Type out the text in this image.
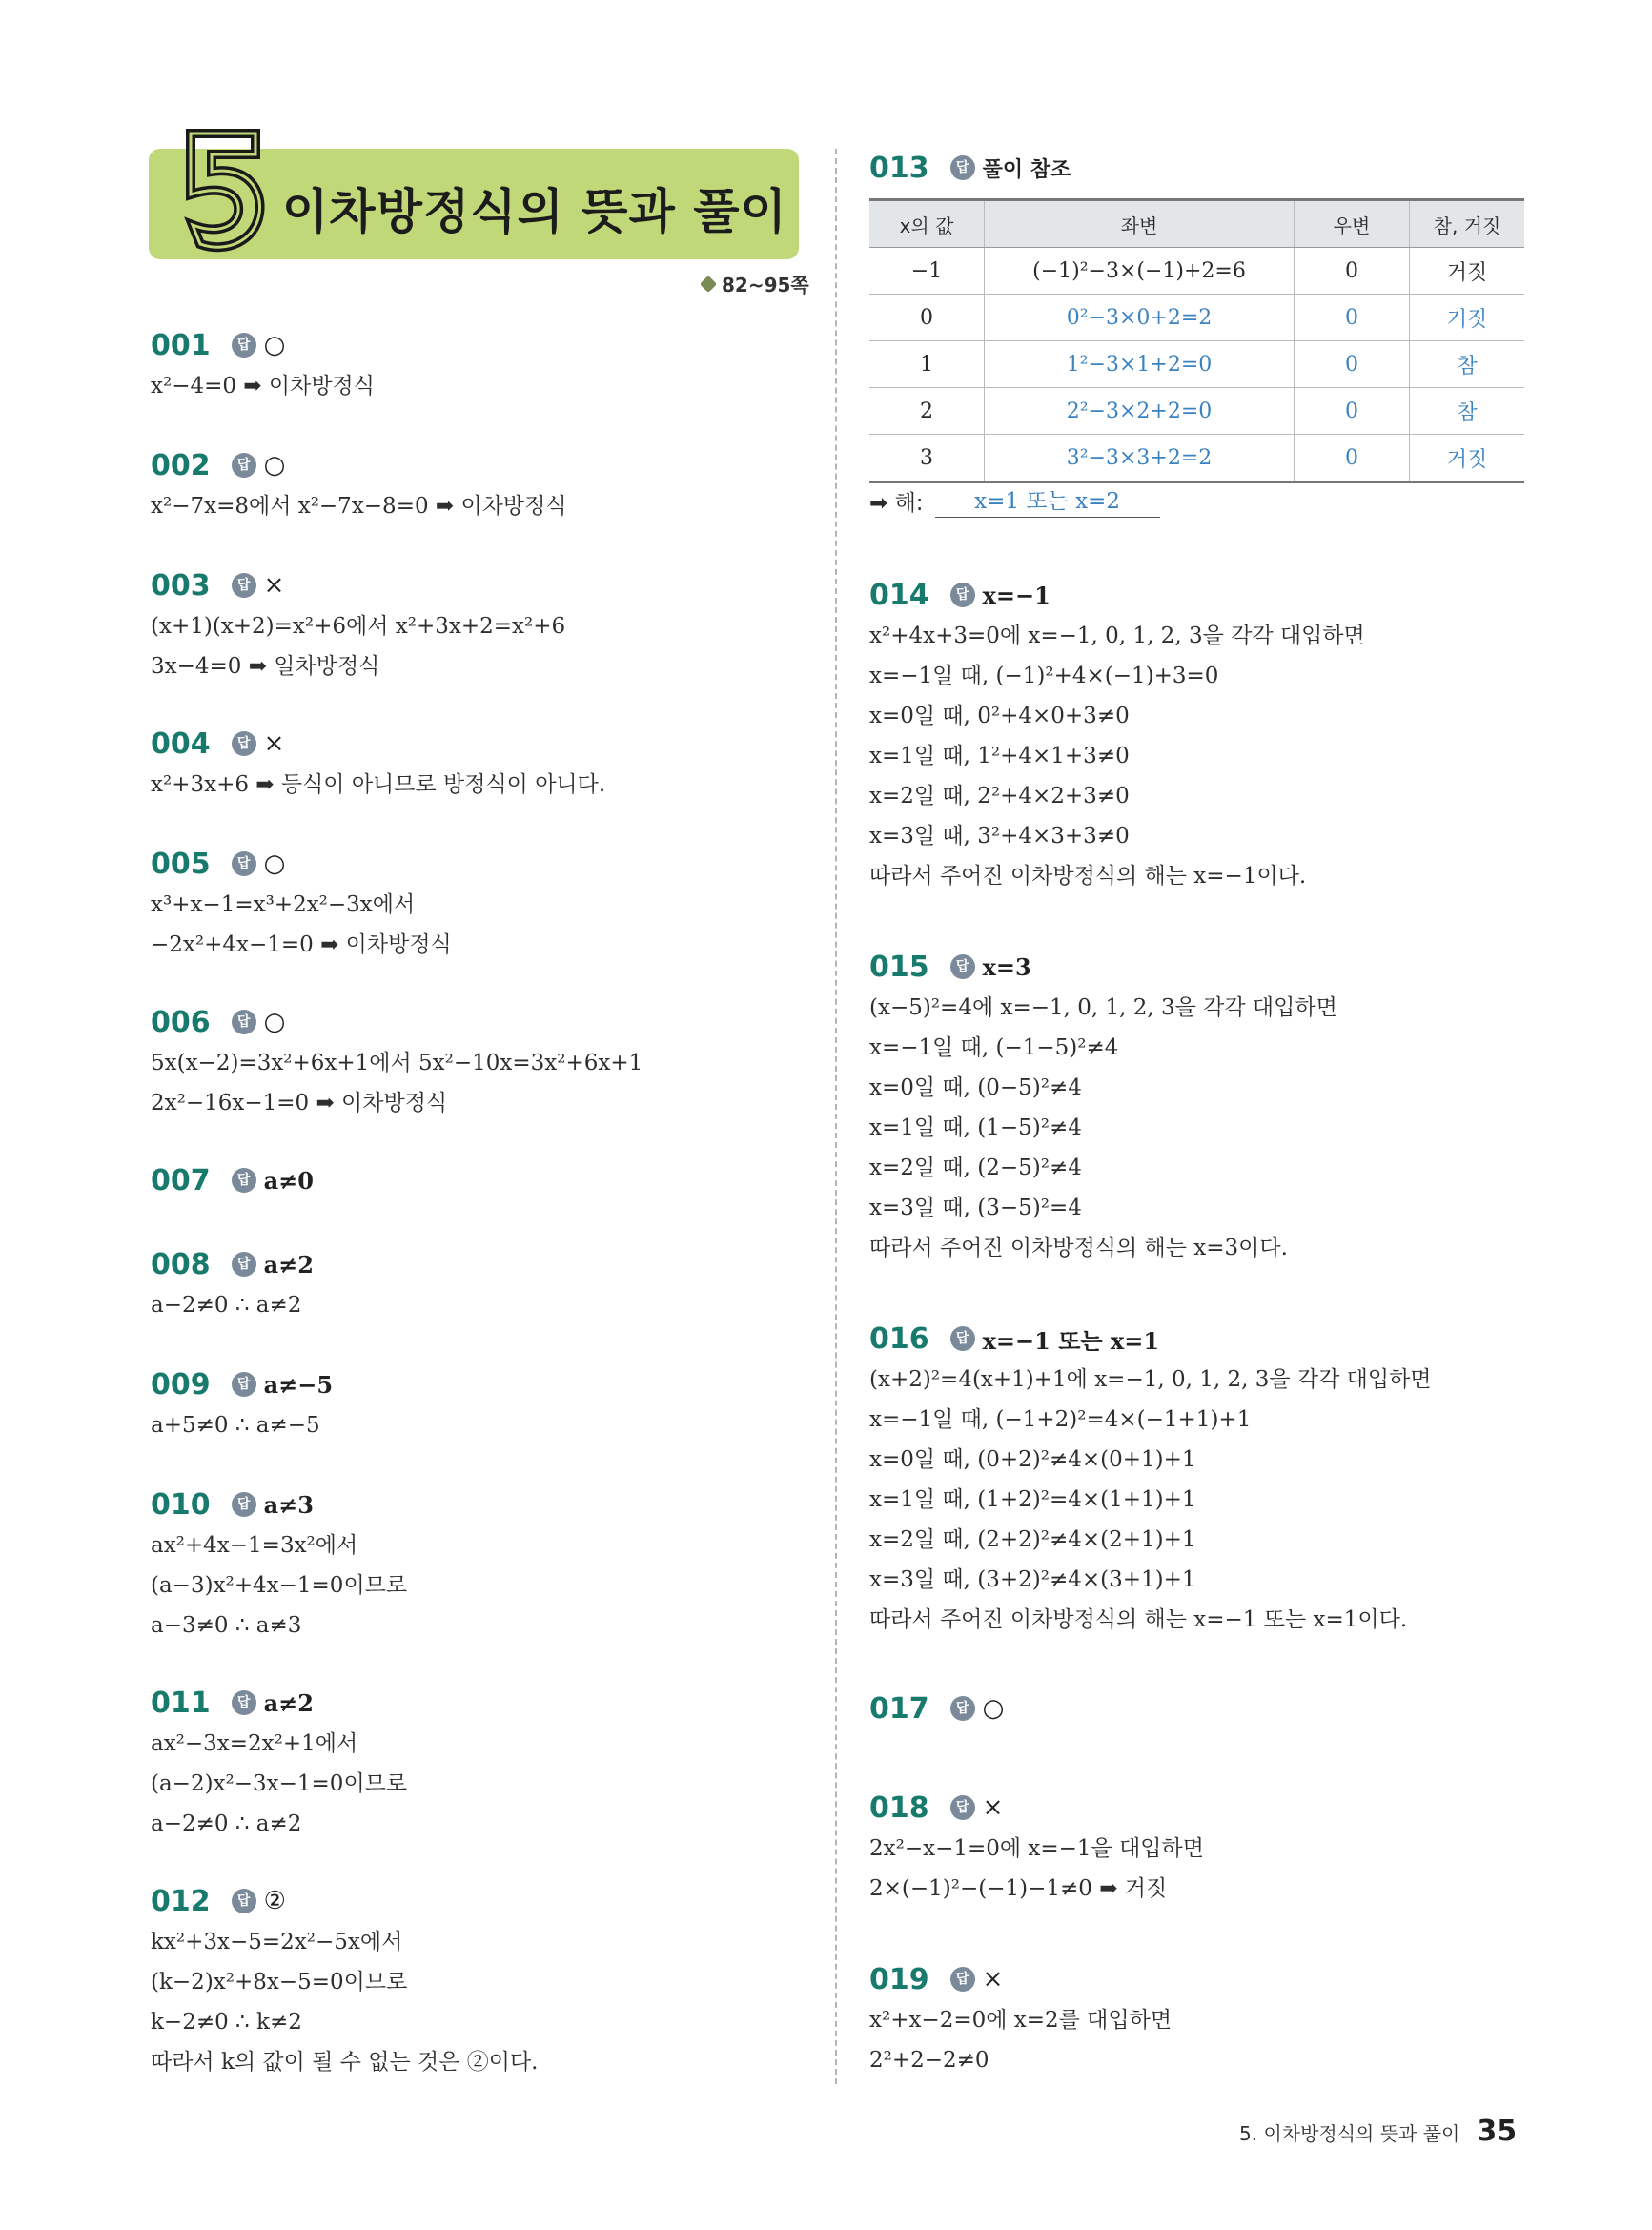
이차방정식의 뜻과 풀이
82~95쪽
013	답 풀이 참조
x의 값	좌변	우변	참, 거짓
−1	(−1)²−3×(−1)+2=6	0	거짓
0	0²−3×0+2=2	0	거짓
1	1²−3×1+2=0	0	참
2	2²−3×2+2=0	0	참
3	3²−3×3+2=2	0	거짓
➡ 해:	x=1 또는 x=2
5. 이차방정식의 뜻과 풀이 35
001	답 ○
x²−4=0 ➡ 이차방정식
002	답 ○
x²−7x=8에서 x²−7x−8=0 ➡ 이차방정식
003	답 ×
(x+1)(x+2)=x²+6에서 x²+3x+2=x²+6
3x−4=0 ➡ 일차방정식
004	답 ×
x²+3x+6 ➡ 등식이 아니므로 방정식이 아니다.
005	답 ○
x³+x−1=x³+2x²−3x에서
−2x²+4x−1=0 ➡ 이차방정식
006	답 ○
5x(x−2)=3x²+6x+1에서 5x²−10x=3x²+6x+1
2x²−16x−1=0 ➡ 이차방정식
007	답 a≠0
008	답 a≠2
a−2≠0 ∴ a≠2
009	답 a≠−5
a+5≠0 ∴ a≠−5
010	답 a≠3
ax²+4x−1=3x²에서
(a−3)x²+4x−1=0이므로
a−3≠0 ∴ a≠3
011	답 a≠2
ax²−3x=2x²+1에서
(a−2)x²−3x−1=0이므로
a−2≠0 ∴ a≠2
012	답 ②
kx²+3x−5=2x²−5x에서
(k−2)x²+8x−5=0이므로
k−2≠0 ∴ k≠2
따라서 k의 값이 될 수 없는 것은 ②이다.
014	답 x=−1
x²+4x+3=0에 x=−1, 0, 1, 2, 3을 각각 대입하면
x=−1일 때, (−1)²+4×(−1)+3=0
x=0일 때, 0²+4×0+3≠0
x=1일 때, 1²+4×1+3≠0
x=2일 때, 2²+4×2+3≠0
x=3일 때, 3²+4×3+3≠0
따라서 주어진 이차방정식의 해는 x=−1이다.
015	답 x=3
(x−5)²=4에 x=−1, 0, 1, 2, 3을 각각 대입하면
x=−1일 때, (−1−5)²≠4
x=0일 때, (0−5)²≠4
x=1일 때, (1−5)²≠4
x=2일 때, (2−5)²≠4
x=3일 때, (3−5)²=4
따라서 주어진 이차방정식의 해는 x=3이다.
016	답 x=−1 또는 x=1
(x+2)²=4(x+1)+1에 x=−1, 0, 1, 2, 3을 각각 대입하면
x=−1일 때, (−1+2)²=4×(−1+1)+1
x=0일 때, (0+2)²≠4×(0+1)+1
x=1일 때, (1+2)²=4×(1+1)+1
x=2일 때, (2+2)²≠4×(2+1)+1
x=3일 때, (3+2)²≠4×(3+1)+1
따라서 주어진 이차방정식의 해는 x=−1 또는 x=1이다.
017	답 ○
018	답 ×
2x²−x−1=0에 x=−1을 대입하면
2×(−1)²−(−1)−1≠0 ➡ 거짓
019	답 ×
x²+x−2=0에 x=2를 대입하면
2²+2−2≠0
